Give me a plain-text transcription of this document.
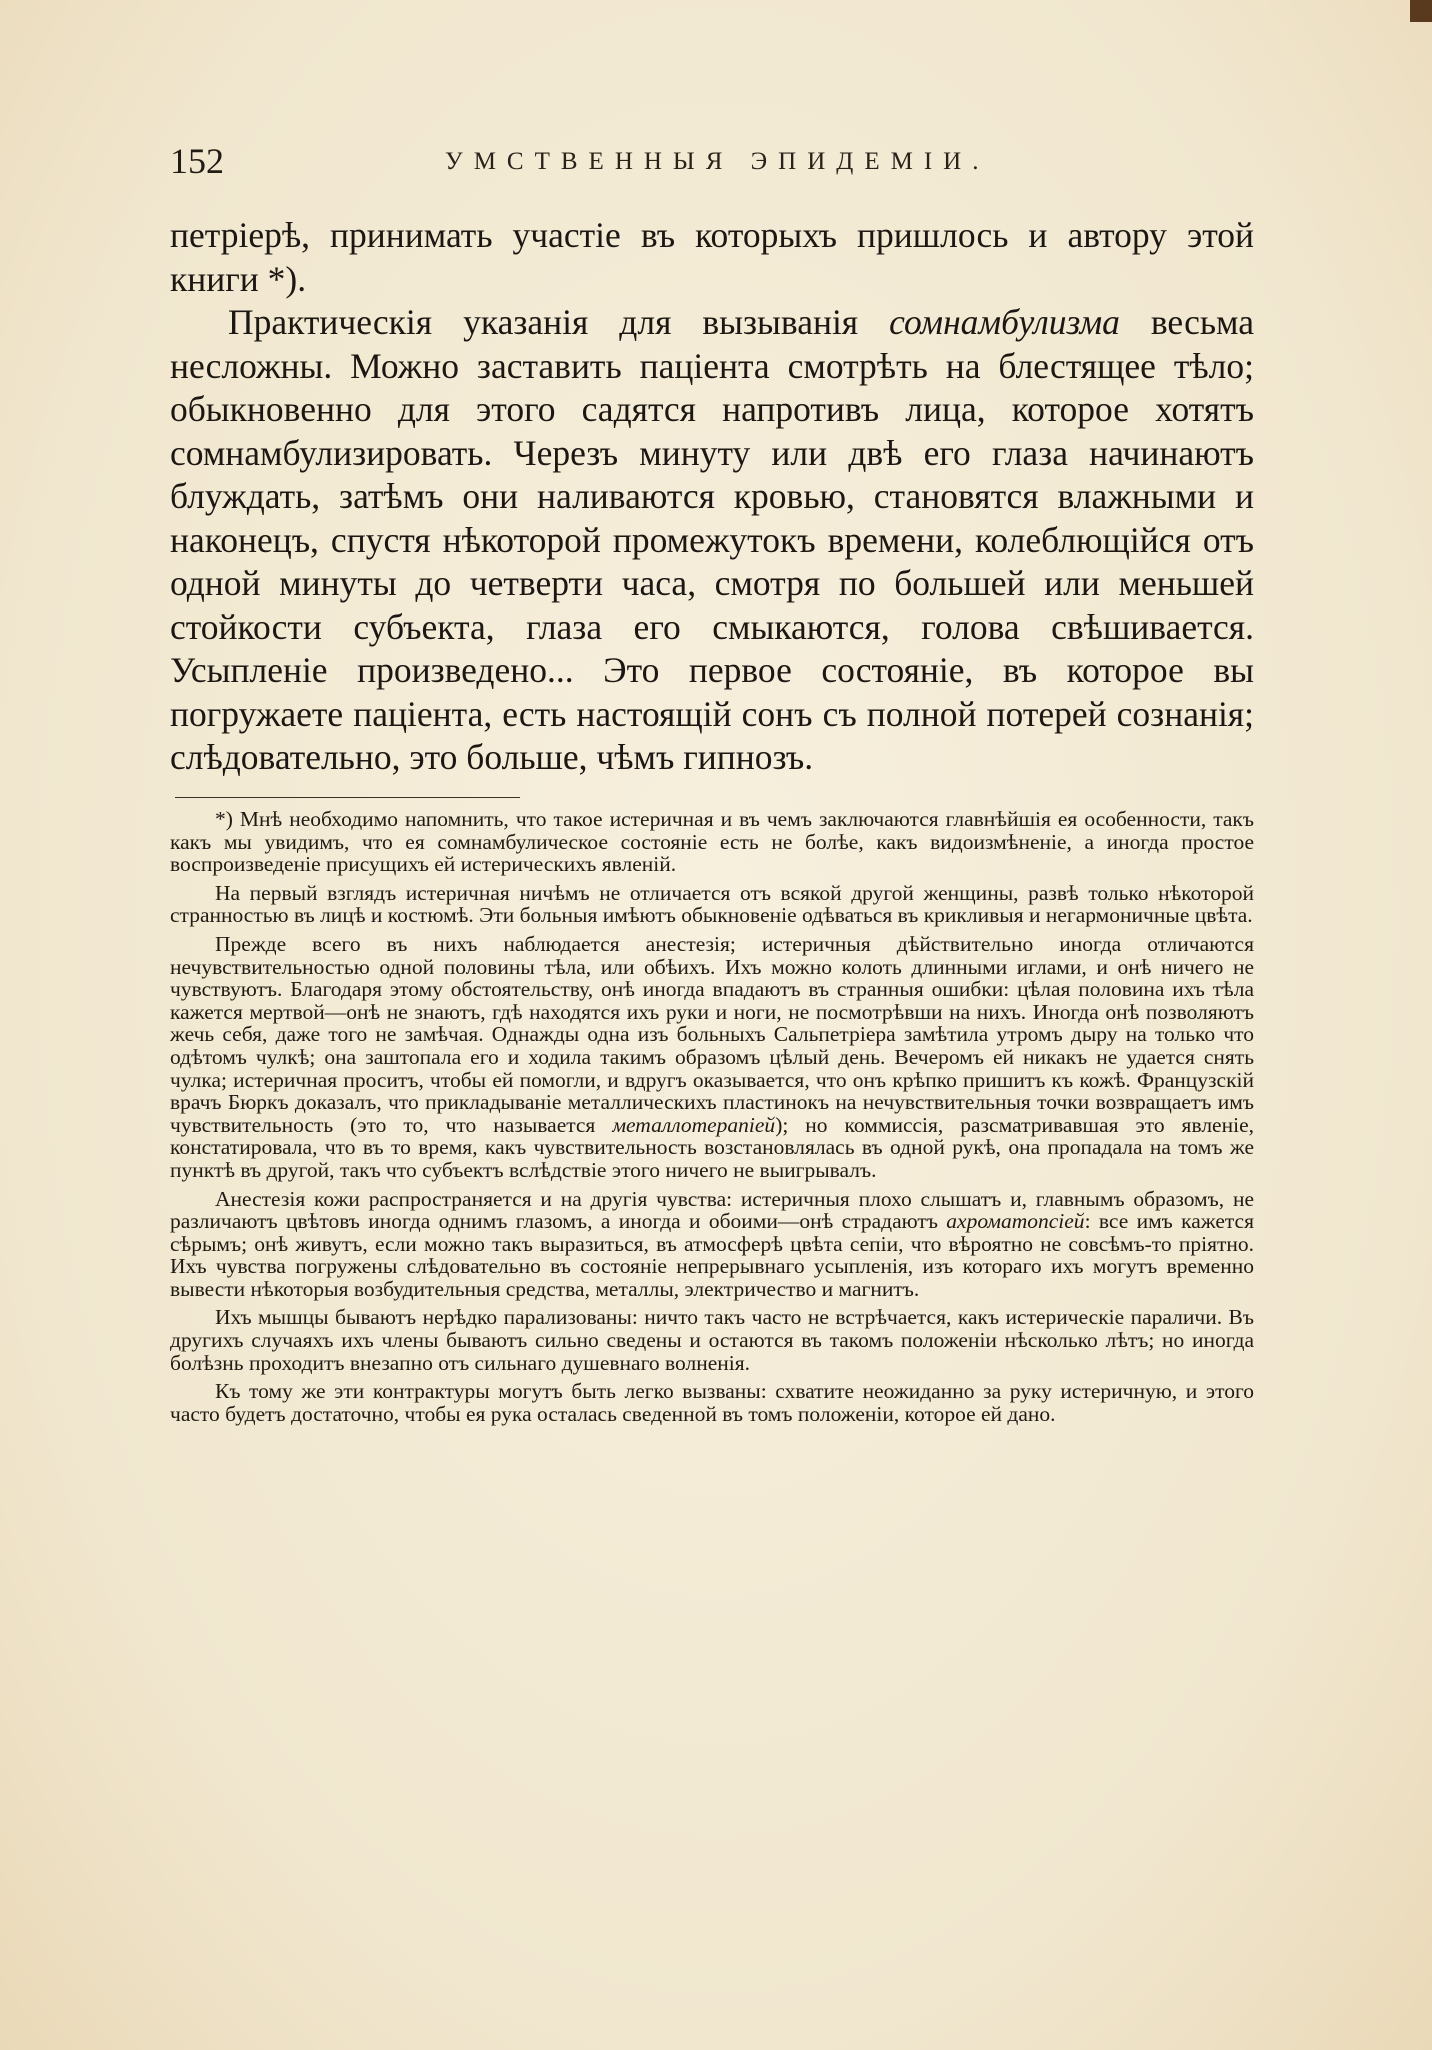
152	УМСТВЕННЫЯ ЭПИДЕМIИ.

петрiерѣ, принимать участiе въ которыхъ пришлось и автору этой книги *).

Практическiя указанiя для вызыванiя сомнамбулизма весьма несложны. Можно заставить пацiента смотрѣть на блестящее тѣло; обыкновенно для этого садятся напротивъ лица, которое хотятъ сомнамбулизировать. Черезъ минуту или двѣ его глаза начинаютъ блуждать, затѣмъ они наливаются кровью, становятся влажными и наконецъ, спустя нѣкоторой промежутокъ времени, колеблющiйся отъ одной минуты до четверти часа, смотря по большей или меньшей стойкости субъекта, глаза его смыкаются, голова свѣшивается. Усыпленiе произведено... Это первое состоянiе, въ которое вы погружаете пацiента, есть настоящiй сонъ съ полной потерей сознанiя; слѣдовательно, это больше, чѣмъ гипнозъ.

*) Мнѣ необходимо напомнить, что такое истеричная и въ чемъ заключаются главнѣйшiя ея особенности, такъ какъ мы увидимъ, что ея сомнамбулическое состоянiе есть не болѣе, какъ видоизмѣненiе, а иногда простое воспроизведенiе присущихъ ей истерическихъ явленiй.

На первый взглядъ истеричная ничѣмъ не отличается отъ всякой другой женщины, развѣ только нѣкоторой странностью въ лицѣ и костюмѣ. Эти больныя имѣютъ обыкновенiе одѣваться въ крикливыя и негармоничные цвѣта.

Прежде всего въ нихъ наблюдается анестезiя; истеричныя дѣйствительно иногда отличаются нечувствительностью одной половины тѣла, или обѣихъ. Ихъ можно колоть длинными иглами, и онѣ ничего не чувствуютъ. Благодаря этому обстоятельству, онѣ иногда впадаютъ въ странныя ошибки: цѣлая половина ихъ тѣла кажется мертвой—онѣ не знаютъ, гдѣ находятся ихъ руки и ноги, не посмотрѣвши на нихъ. Иногда онѣ позволяютъ жечь себя, даже того не замѣчая. Однажды одна изъ больныхъ Сальпетрiера замѣтила утромъ дыру на только что одѣтомъ чулкѣ; она заштопала его и ходила такимъ образомъ цѣлый день. Вечеромъ ей никакъ не удается снять чулка; истеричная проситъ, чтобы ей помогли, и вдругъ оказывается, что онъ крѣпко пришитъ къ кожѣ. Французскiй врачъ Бюркъ доказалъ, что прикладыванiе металлическихъ пластинокъ на нечувствительныя точки возвращаетъ имъ чувствительность (это то, что называется металлотерапiей); но коммиссiя, разсматривавшая это явленiе, констатировала, что въ то время, какъ чувствительность возстановлялась въ одной рукѣ, она пропадала на томъ же пунктѣ въ другой, такъ что субъектъ вслѣдствiе этого ничего не выигрывалъ.

Анестезiя кожи распространяется и на другiя чувства: истеричныя плохо слышатъ и, главнымъ образомъ, не различаютъ цвѣтовъ иногда однимъ глазомъ, а иногда и обоими—онѣ страдаютъ ахроматопсiей: все имъ кажется сѣрымъ; онѣ живутъ, если можно такъ выразиться, въ атмосферѣ цвѣта сепiи, что вѣроятно не совсѣмъ-то прiятно. Ихъ чувства погружены слѣдовательно въ состоянiе непрерывнаго усыпленiя, изъ котораго ихъ могутъ временно вывести нѣкоторыя возбудительныя средства, металлы, электричество и магнитъ.

Ихъ мышцы бываютъ нерѣдко парализованы: ничто такъ часто не встрѣчается, какъ истерическiе параличи. Въ другихъ случаяхъ ихъ члены бываютъ сильно сведены и остаются въ такомъ положенiи нѣсколько лѣтъ; но иногда болѣзнь проходитъ внезапно отъ сильнаго душевнаго волненiя.

Къ тому же эти контрактуры могутъ быть легко вызваны: схватите неожиданно за руку истеричную, и этого часто будетъ достаточно, чтобы ея рука осталась сведенной въ томъ положенiи, которое ей дано.
